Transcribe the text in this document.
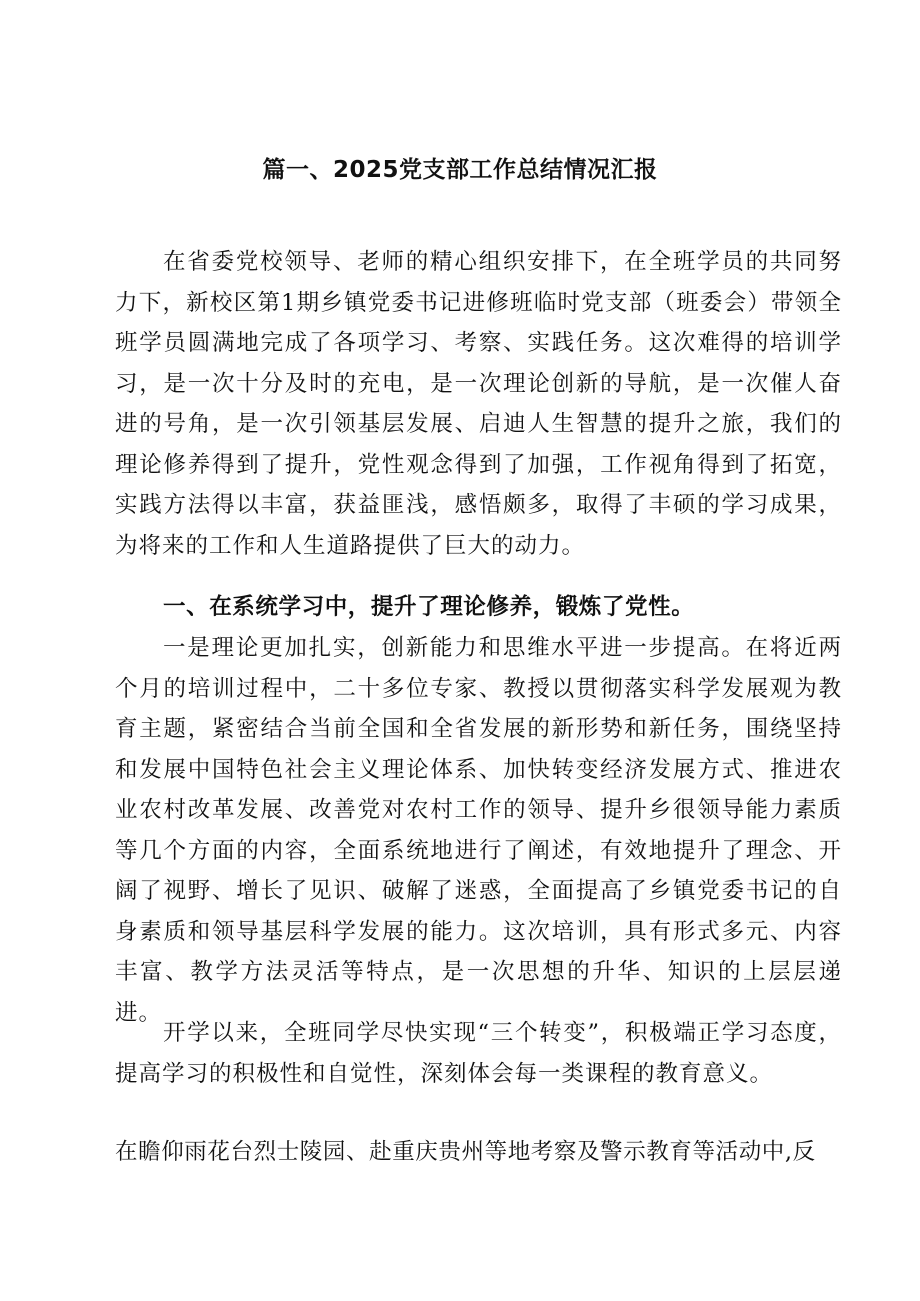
篇一、2025党支部工作总结情况汇报

在省委党校领导、老师的精心组织安排下，在全班学员的共同努力下，新校区第1期乡镇党委书记进修班临时党支部（班委会）带领全班学员圆满地完成了各项学习、考察、实践任务。这次难得的培训学习，是一次十分及时的充电，是一次理论创新的导航，是一次催人奋进的号角，是一次引领基层发展、启迪人生智慧的提升之旅，我们的理论修养得到了提升，党性观念得到了加强，工作视角得到了拓宽，实践方法得以丰富，获益匪浅，感悟颇多，取得了丰硕的学习成果，为将来的工作和人生道路提供了巨大的动力。

一、在系统学习中，提升了理论修养，锻炼了党性。

一是理论更加扎实，创新能力和思维水平进一步提高。在将近两个月的培训过程中，二十多位专家、教授以贯彻落实科学发展观为教育主题，紧密结合当前全国和全省发展的新形势和新任务，围绕坚持和发展中国特色社会主义理论体系、加快转变经济发展方式、推进农业农村改革发展、改善党对农村工作的领导、提升乡很领导能力素质等几个方面的内容，全面系统地进行了阐述，有效地提升了理念、开阔了视野、增长了见识、破解了迷惑，全面提高了乡镇党委书记的自身素质和领导基层科学发展的能力。这次培训，具有形式多元、内容丰富、教学方法灵活等特点，是一次思想的升华、知识的上层层递进。

开学以来，全班同学尽快实现“三个转变”，积极端正学习态度，提高学习的积极性和自觉性，深刻体会每一类课程的教育意义。

在瞻仰雨花台烈士陵园、赴重庆贵州等地考察及警示教育等活动中,反
